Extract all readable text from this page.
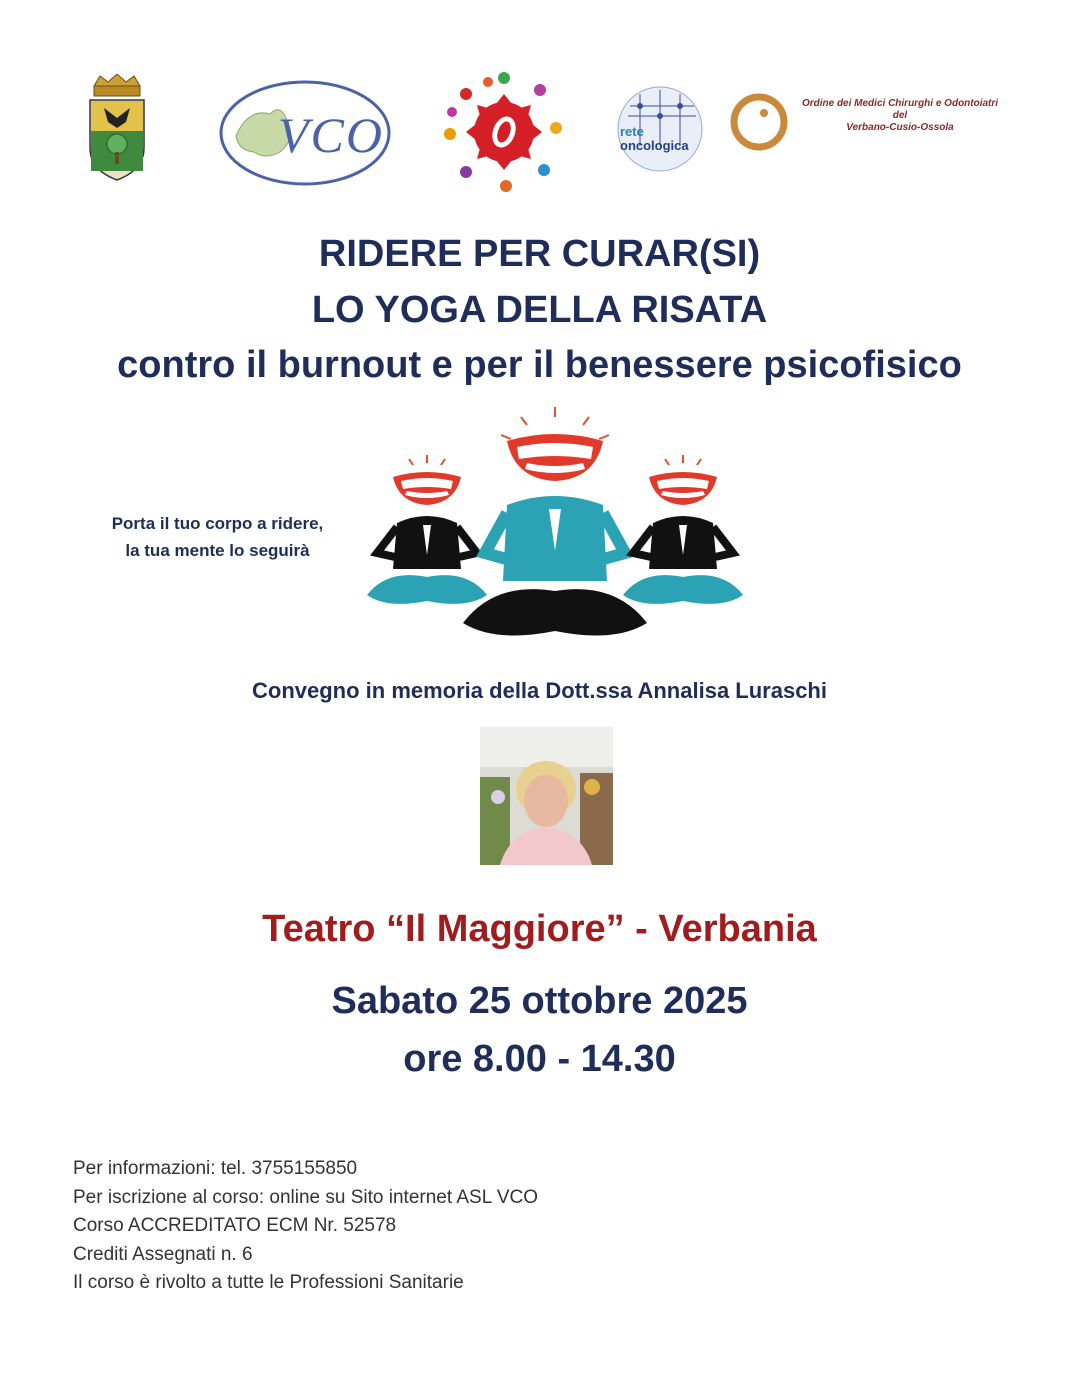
VCO	rete
oncologica
Ordine dei Medici Chirurghi e Odontoiatri
del
Verbano-Cusio-Ossola
RIDERE PER CURAR(SI)
LO YOGA DELLA RISATA
contro il burnout e per il benessere psicofisico
Porta il tuo corpo a ridere,
la tua mente lo seguirà
Convegno in memoria della Dott.ssa Annalisa Luraschi
Teatro “Il Maggiore” - Verbania
Sabato 25 ottobre 2025
ore 8.00 - 14.30
Per informazioni: tel. 3755155850
Per iscrizione al corso: online su Sito internet ASL VCO
Corso ACCREDITATO ECM Nr. 52578
Crediti Assegnati n. 6
Il corso è rivolto a tutte le Professioni Sanitarie
